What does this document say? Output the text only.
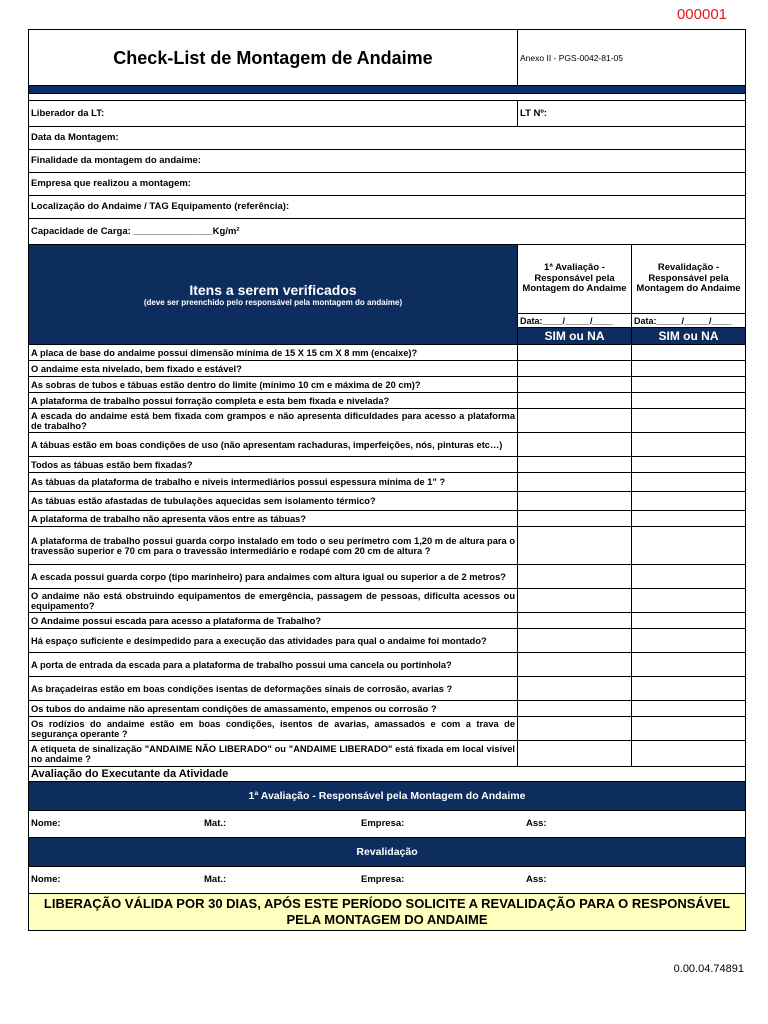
Check-List de Montagem de Andaime	Anexo II - PGS-0042-81-05
000001	

Liberador da LT:	LT Nº:	
Data da Montagem:		
Finalidade da montagem do andaime:		
Empresa que realizou a montagem:		
Localização do Andaime / TAG Equipamento (referência):		
Capacidade de Carga: _______________Kg/m²		

Itens a serem verificados
(deve ser preenchido pelo responsável pela montagem do andaime)	1ª Avaliação - Responsável pela Montagem do Andaime	Revalidação - Responsável pela Montagem do Andaime
	Data:____/_____/____	Data:_____/_____/____
	SIM ou NA	SIM ou NA
A placa de base do andaime possui dimensão mínima de 15 X 15 cm X 8 mm (encaixe)?		
O andaime esta nivelado, bem fixado e estável?		
As sobras de tubos e tábuas estão dentro do limite (mínimo 10 cm e máxima de 20 cm)?		
A plataforma de trabalho possui forração completa e esta bem fixada e nivelada?		
A escada do andaime está bem fixada com grampos e não apresenta dificuldades para acesso a plataforma de trabalho?		
A tábuas estão em boas condições de uso (não apresentam rachaduras, imperfeições, nós, pinturas etc…)		
Todos as tábuas estão bem fixadas?		
As tábuas da plataforma de trabalho e níveis intermediários possui espessura mínima de 1" ?		
As tábuas estão afastadas de tubulações aquecidas sem isolamento térmico?		
A plataforma de trabalho não apresenta vãos entre as tábuas?		
A plataforma de trabalho possui guarda corpo instalado em todo o seu perímetro com 1,20 m de altura para o travessão superior e 70 cm para o travessão intermediário e rodapé com 20 cm de altura ?		
A escada possui guarda corpo (tipo marinheiro) para andaimes com altura igual ou superior a de 2 metros?		
O andaime não está obstruindo equipamentos de emergência, passagem de pessoas, dificulta acessos ou equipamento?		
O Andaime possui escada para acesso a plataforma de Trabalho?		
Há espaço suficiente e desimpedido para a execução das atividades para qual o andaime foi montado?		
A porta de entrada da escada para a plataforma de trabalho possui uma cancela ou portinhola?		
As braçadeiras estão em boas condições isentas de deformações sinais de corrosão, avarias ?		
Os tubos do andaime não apresentam condições de amassamento, empenos ou corrosão ?		
Os rodízios do andaime estão em boas condições, isentos de avarias, amassados e com a trava de segurança operante ?		
A etiqueta de sinalização "ANDAIME NÃO LIBERADO" ou "ANDAIME LIBERADO" está fixada em local visível no andaime ?		
Avaliação do Executante da Atividade		
1ª Avaliação - Responsável pela Montagem do Andaime		
Nome: Mat.: Empresa: Ass:		
Revalidação		
Nome: Mat.: Empresa: Ass:		
LIBERAÇÃO VÁLIDA POR 30 DIAS, APÓS ESTE PERÍODO SOLICITE A REVALIDAÇÃO PARA O RESPONSÁVEL PELA MONTAGEM DO ANDAIME		
0.00.04.74891
